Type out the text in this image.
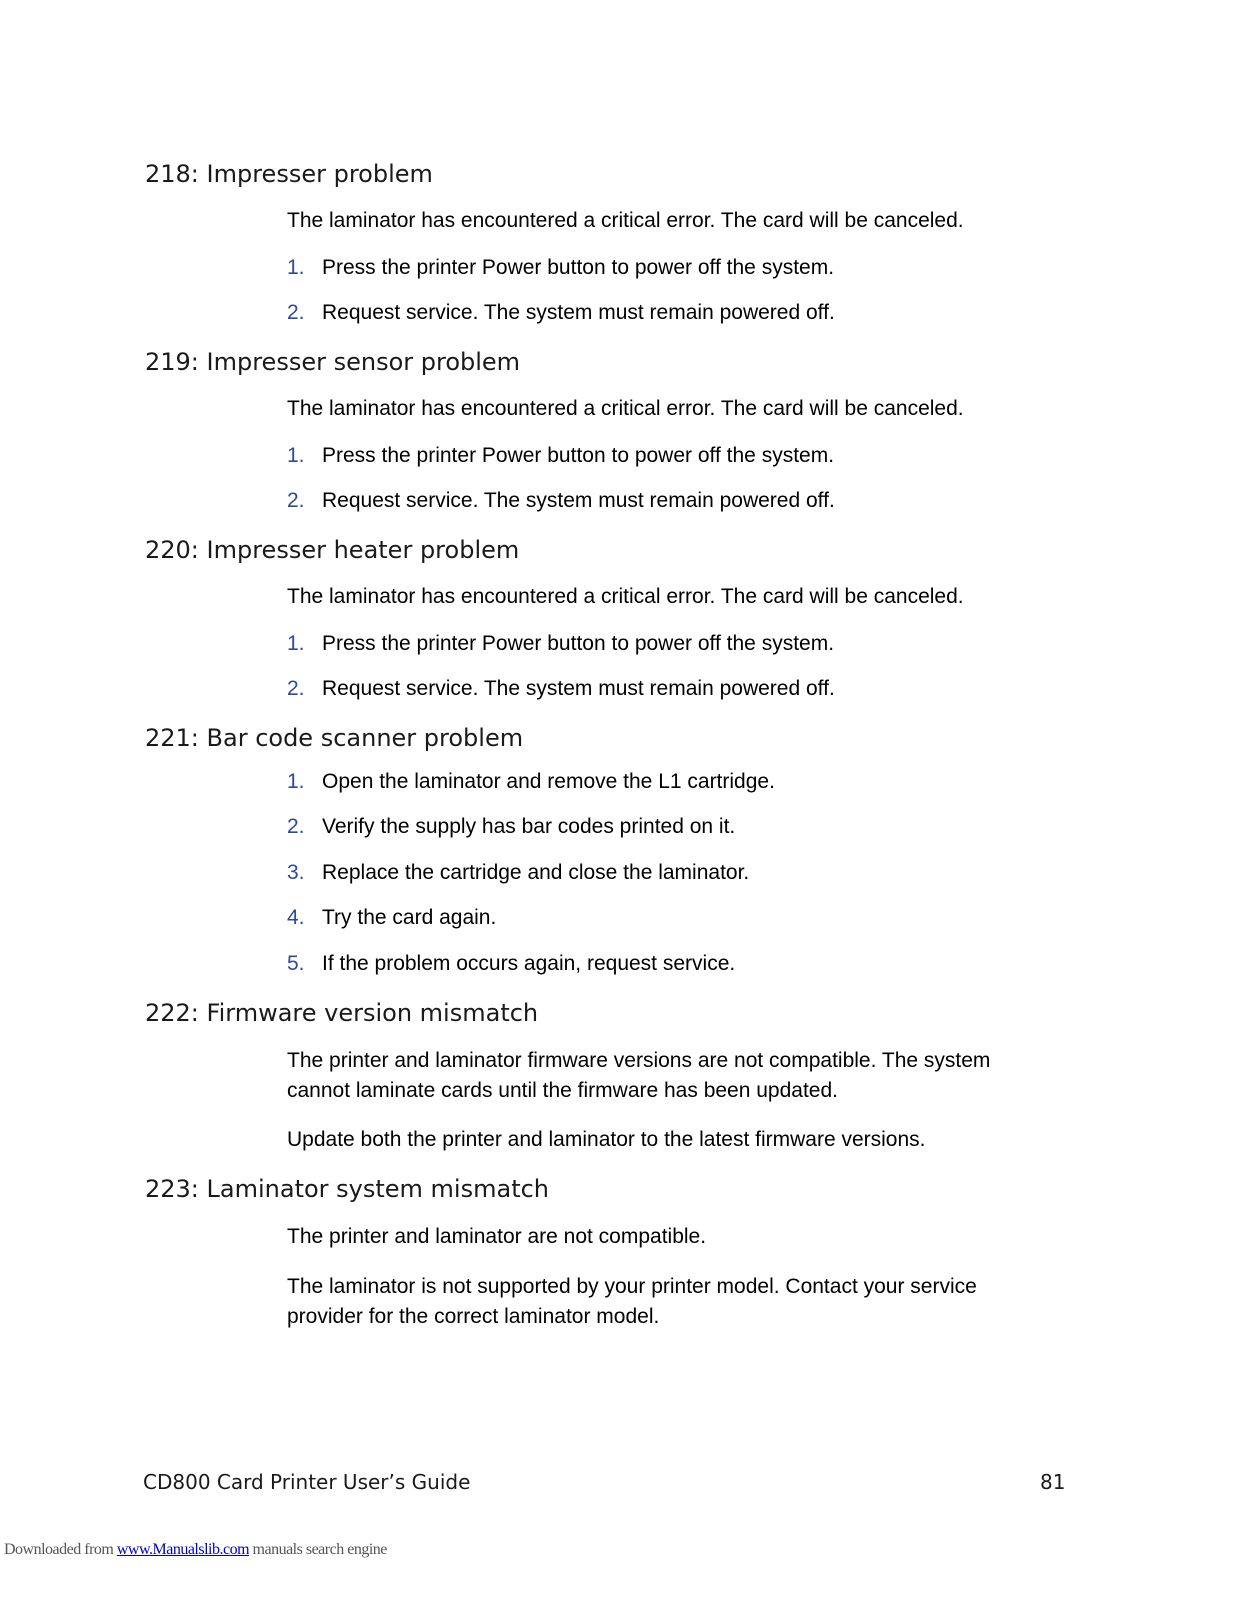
218: Impresser problem
The laminator has encountered a critical error. The card will be canceled.
1. Press the printer Power button to power off the system.
2. Request service. The system must remain powered off.
219: Impresser sensor problem
The laminator has encountered a critical error. The card will be canceled.
1. Press the printer Power button to power off the system.
2. Request service. The system must remain powered off.
220: Impresser heater problem
The laminator has encountered a critical error. The card will be canceled.
1. Press the printer Power button to power off the system.
2. Request service. The system must remain powered off.
221: Bar code scanner problem
1. Open the laminator and remove the L1 cartridge.
2. Verify the supply has bar codes printed on it.
3. Replace the cartridge and close the laminator.
4. Try the card again.
5. If the problem occurs again, request service.
222: Firmware version mismatch
The printer and laminator firmware versions are not compatible. The system cannot laminate cards until the firmware has been updated.
Update both the printer and laminator to the latest firmware versions.
223: Laminator system mismatch
The printer and laminator are not compatible.
The laminator is not supported by your printer model. Contact your service provider for the correct laminator model.
CD800 Card Printer User’s Guide	81
Downloaded from www.Manualslib.com manuals search engine
